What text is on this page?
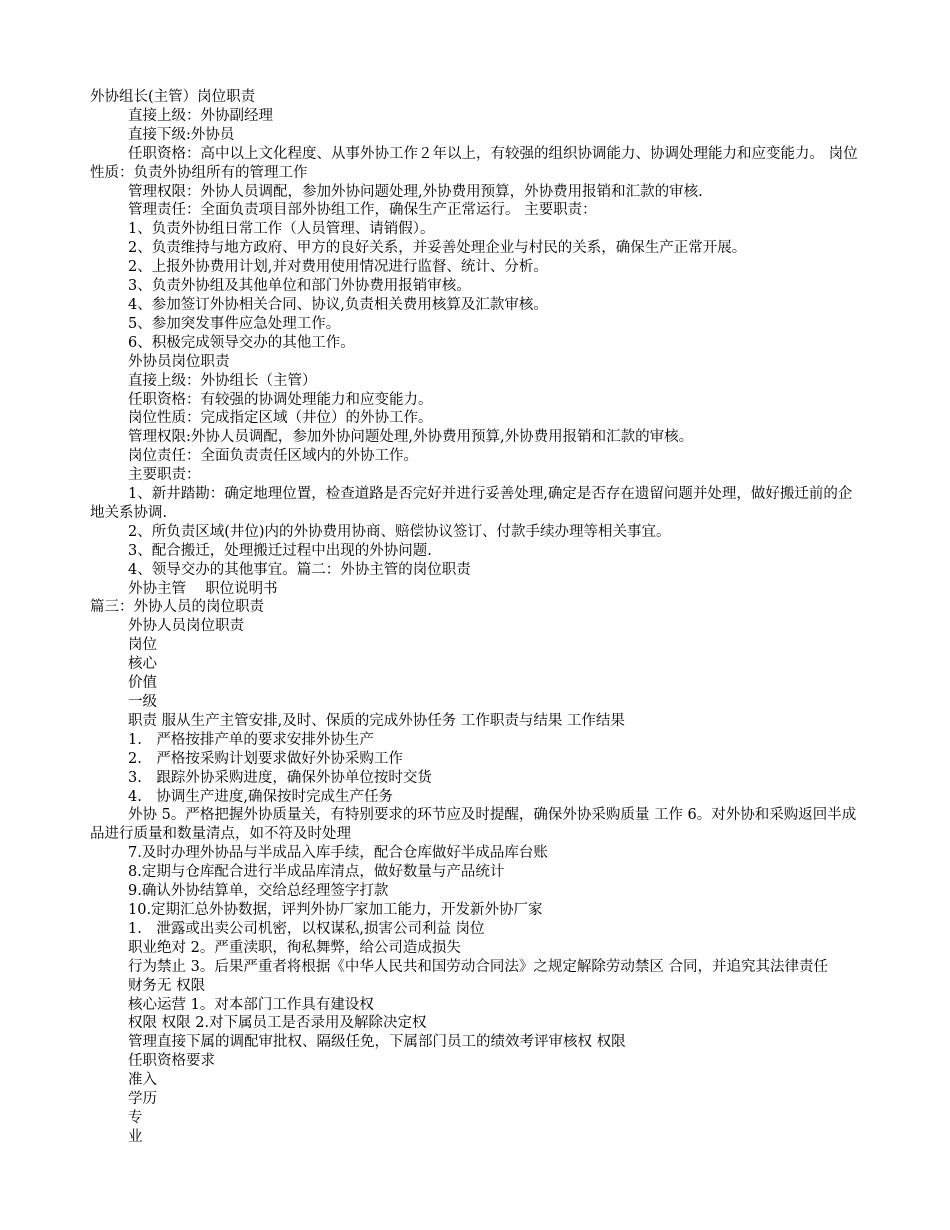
外协组长(主管）岗位职责

直接上级：外协副经理

直接下级:外协员

任职资格：高中以上文化程度、从事外协工作２年以上，有较强的组织协调能力、协调处理能力和应变能力。 岗位性质：负责外协组所有的管理工作

管理权限：外协人员调配，参加外协问题处理,外协费用预算，外协费用报销和汇款的审核.

管理责任：全面负责项目部外协组工作，确保生产正常运行。 主要职责：

1、负责外协组日常工作（人员管理、请销假）。

2、负责维持与地方政府、甲方的良好关系，并妥善处理企业与村民的关系，确保生产正常开展。

2、上报外协费用计划,并对费用使用情况进行监督、统计、分析。

3、负责外协组及其他单位和部门外协费用报销审核。

4、参加签订外协相关合同、协议,负责相关费用核算及汇款审核。

5、参加突发事件应急处理工作。

6、积极完成领导交办的其他工作。

外协员岗位职责

直接上级：外协组长（主管）

任职资格：有较强的协调处理能力和应变能力。

岗位性质：完成指定区域（井位）的外协工作。

管理权限:外协人员调配，参加外协问题处理,外协费用预算,外协费用报销和汇款的审核。

岗位责任：全面负责责任区域内的外协工作。

主要职责：

1、新井踏勘：确定地理位置，检查道路是否完好并进行妥善处理,确定是否存在遗留问题并处理，做好搬迁前的企地关系协调.

2、所负责区域(井位)内的外协费用协商、赔偿协议签订、付款手续办理等相关事宜。

3、配合搬迁，处理搬迁过程中出现的外协问题.

4、领导交办的其他事宜。篇二：外协主管的岗位职责

外协主管　 职位说明书

篇三：外协人员的岗位职责

外协人员岗位职责

岗位

核心

价值

一级

职责 服从生产主管安排,及时、保质的完成外协任务 工作职责与结果 工作结果

1.　严格按排产单的要求安排外协生产

2.　严格按采购计划要求做好外协采购工作

3.　跟踪外协采购进度，确保外协单位按时交货

4.　协调生产进度,确保按时完成生产任务

外协 5。严格把握外协质量关，有特别要求的环节应及时提醒，确保外协采购质量 工作 6。对外协和采购返回半成品进行质量和数量清点，如不符及时处理

7.及时办理外协品与半成品入库手续，配合仓库做好半成品库台账

8.定期与仓库配合进行半成品库清点，做好数量与产品统计

9.确认外协结算单，交给总经理签字打款

10.定期汇总外协数据，评判外协厂家加工能力，开发新外协厂家

1.　泄露或出卖公司机密，以权谋私,损害公司利益 岗位

职业绝对 2。严重渎职，徇私舞弊，给公司造成损失

行为禁止 3。后果严重者将根据《中华人民共和国劳动合同法》之规定解除劳动禁区 合同，并追究其法律责任

财务无 权限

核心运营 1。对本部门工作具有建设权

权限 权限 2.对下属员工是否录用及解除决定权

管理直接下属的调配审批权、隔级任免，下属部门员工的绩效考评审核权 权限

任职资格要求

准入

学历

专

业
